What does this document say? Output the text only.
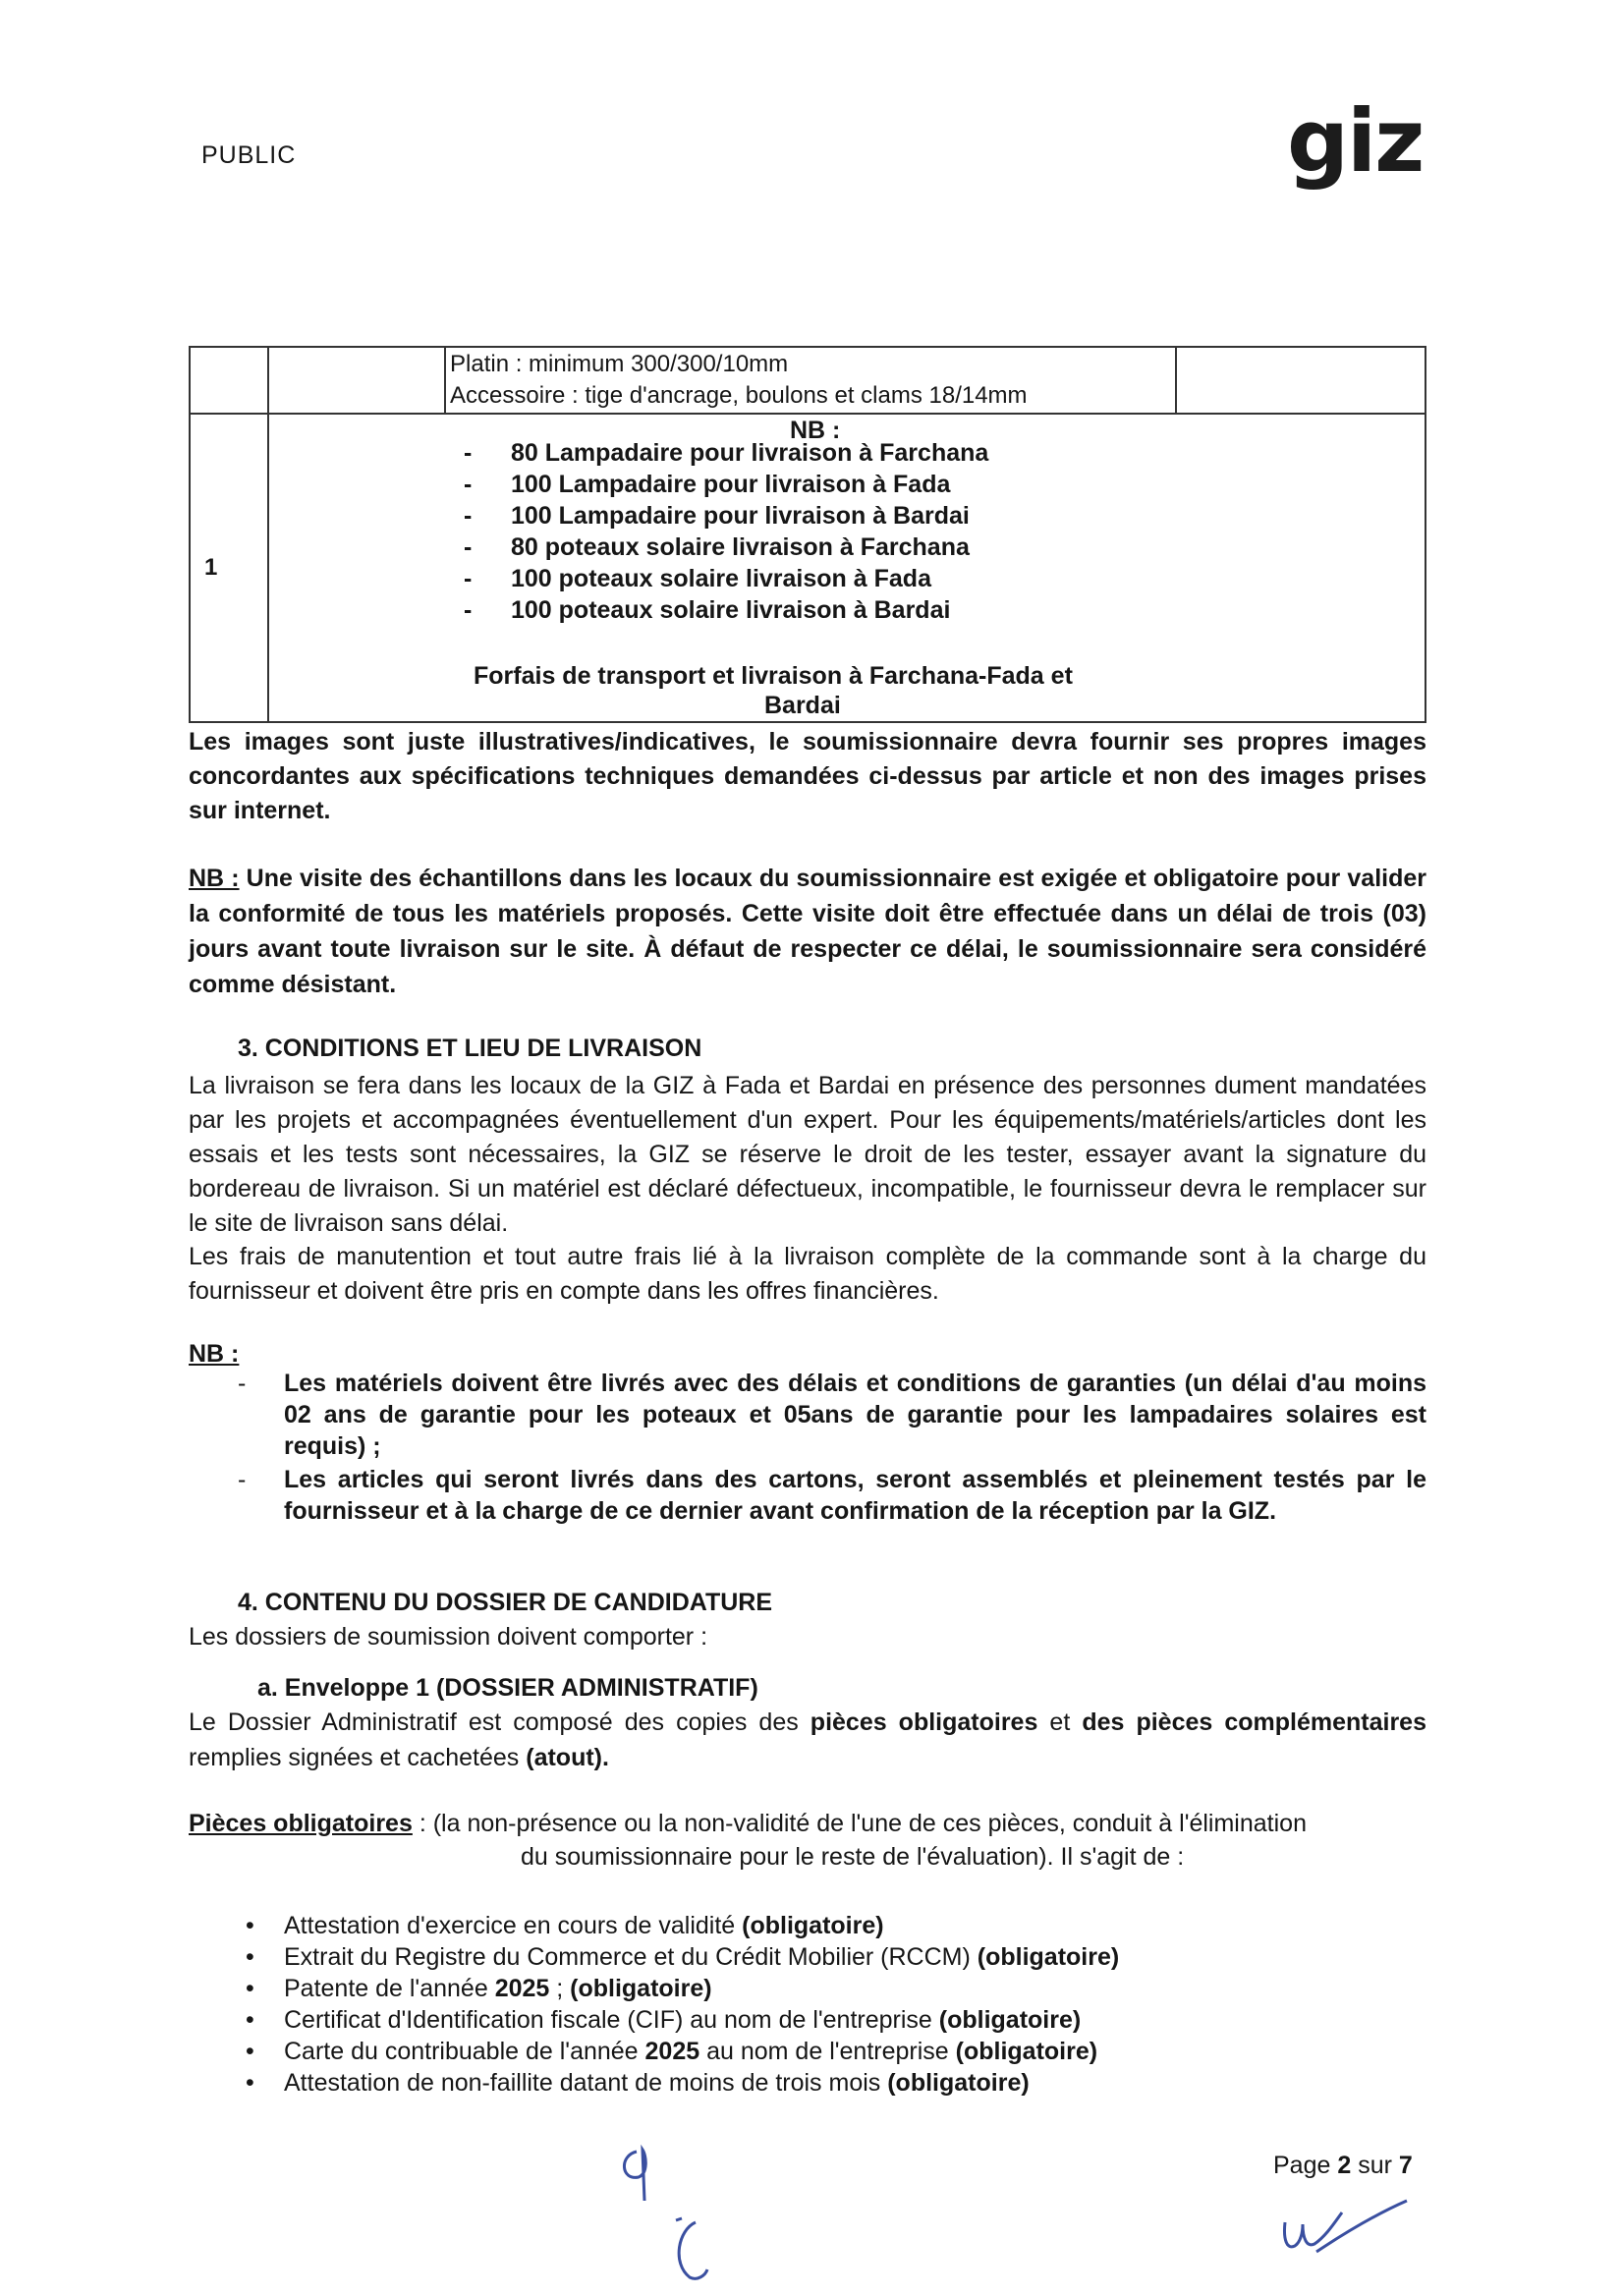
PUBLIC	giz
Platin : minimum 300/300/10mm
Accessoire : tige d'ancrage, boulons et clams 18/14mm
1
NB :
- 80 Lampadaire pour livraison à Farchana
- 100 Lampadaire pour livraison à Fada
- 100 Lampadaire pour livraison à Bardai
- 80 poteaux solaire livraison à Farchana
- 100 poteaux solaire livraison à Fada
- 100 poteaux solaire livraison à Bardai
Forfais de transport et livraison à Farchana-Fada et
Bardai
Les images sont juste illustratives/indicatives, le soumissionnaire devra fournir ses propres images concordantes aux spécifications techniques demandées ci-dessus par article et non des images prises sur internet.
NB : Une visite des échantillons dans les locaux du soumissionnaire est exigée et obligatoire pour valider la conformité de tous les matériels proposés. Cette visite doit être effectuée dans un délai de trois (03) jours avant toute livraison sur le site. À défaut de respecter ce délai, le soumissionnaire sera considéré comme désistant.
3. CONDITIONS ET LIEU DE LIVRAISON
La livraison se fera dans les locaux de la GIZ à Fada et Bardai en présence des personnes dument mandatées par les projets et accompagnées éventuellement d'un expert. Pour les équipements/matériels/articles dont les essais et les tests sont nécessaires, la GIZ se réserve le droit de les tester, essayer avant la signature du bordereau de livraison. Si un matériel est déclaré défectueux, incompatible, le fournisseur devra le remplacer sur le site de livraison sans délai.
Les frais de manutention et tout autre frais lié à la livraison complète de la commande sont à la charge du fournisseur et doivent être pris en compte dans les offres financières.
NB :
- Les matériels doivent être livrés avec des délais et conditions de garanties (un délai d'au moins 02 ans de garantie pour les poteaux et 05ans de garantie pour les lampadaires solaires est requis) ;
- Les articles qui seront livrés dans des cartons, seront assemblés et pleinement testés par le fournisseur et à la charge de ce dernier avant confirmation de la réception par la GIZ.
4. CONTENU DU DOSSIER DE CANDIDATURE
Les dossiers de soumission doivent comporter :
a. Enveloppe 1 (DOSSIER ADMINISTRATIF)
Le Dossier Administratif est composé des copies des pièces obligatoires et des pièces complémentaires remplies signées et cachetées (atout).
Pièces obligatoires : (la non-présence ou la non-validité de l'une de ces pièces, conduit à l'élimination
du soumissionnaire pour le reste de l'évaluation). Il s'agit de :
• Attestation d'exercice en cours de validité (obligatoire)
• Extrait du Registre du Commerce et du Crédit Mobilier (RCCM) (obligatoire)
• Patente de l'année 2025 ; (obligatoire)
• Certificat d'Identification fiscale (CIF) au nom de l'entreprise (obligatoire)
• Carte du contribuable de l'année 2025 au nom de l'entreprise (obligatoire)
• Attestation de non-faillite datant de moins de trois mois (obligatoire)
Page 2 sur 7
